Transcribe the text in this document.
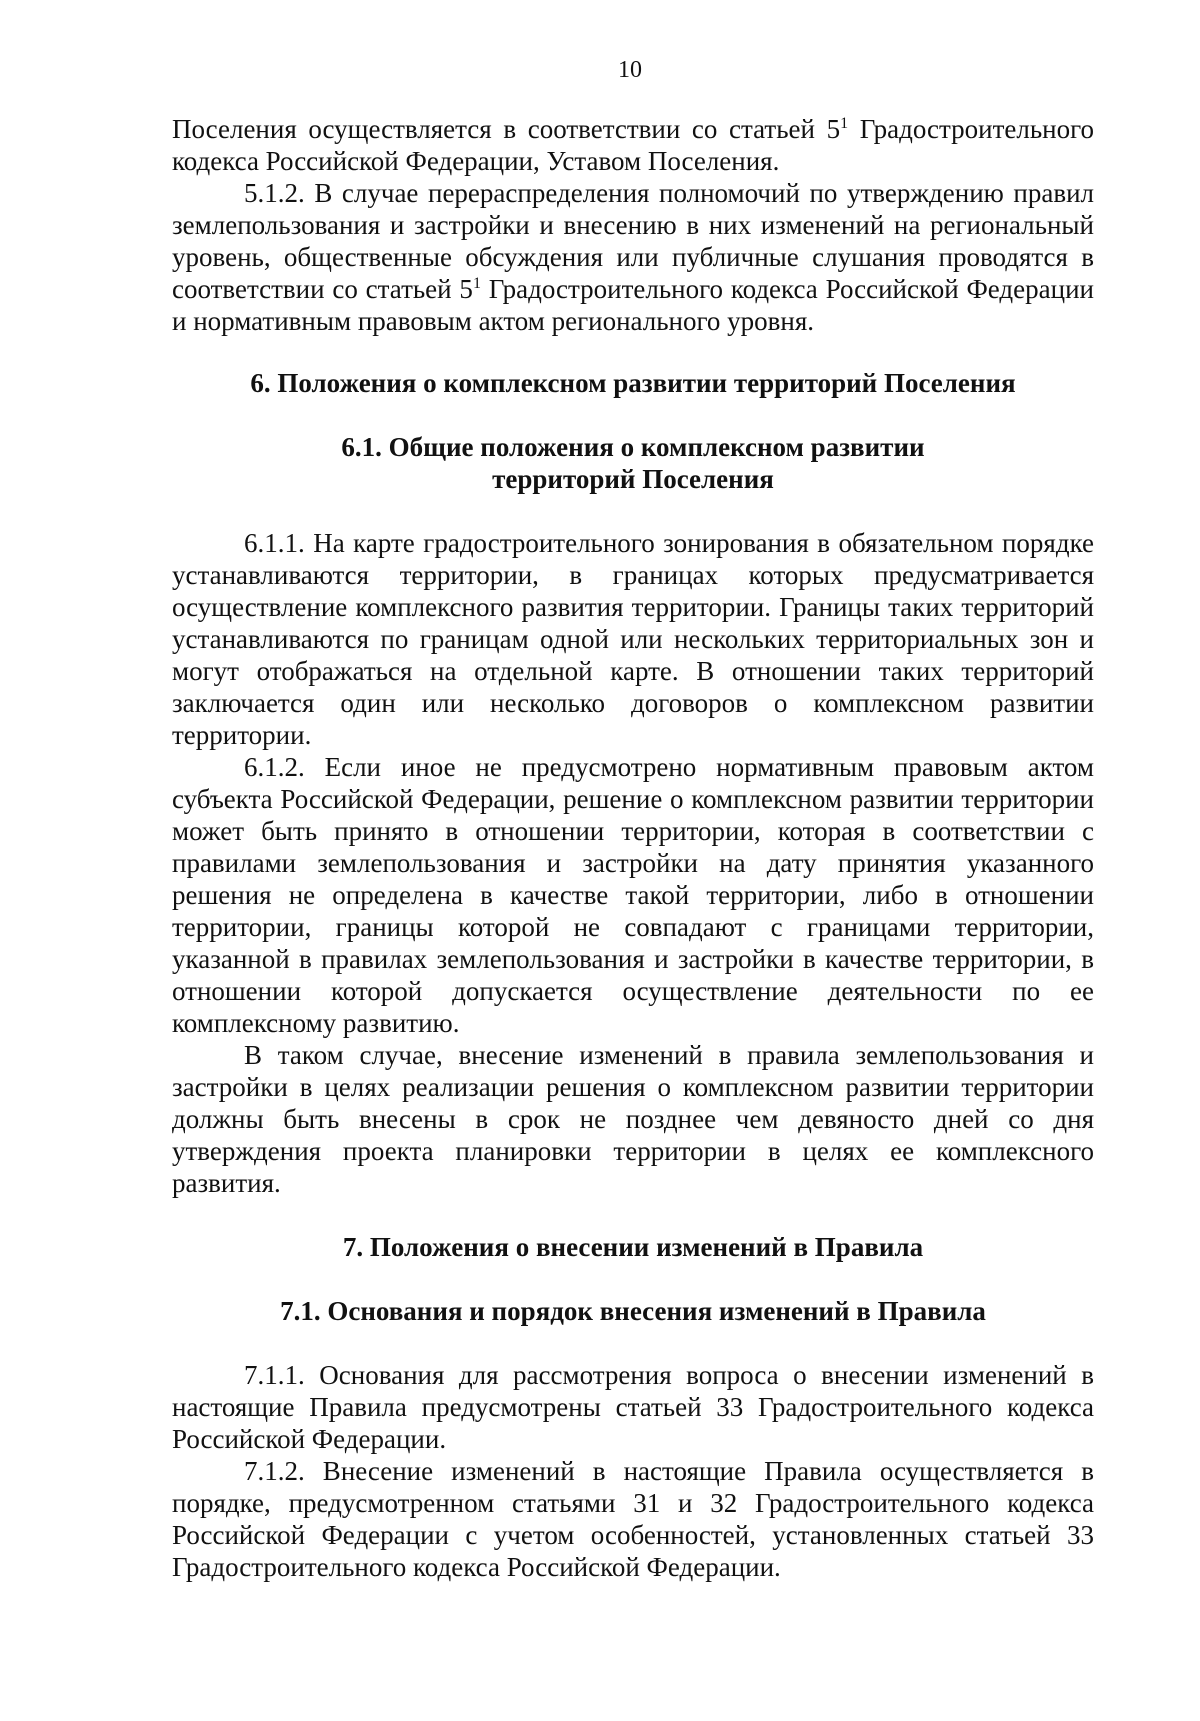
10

Поселения осуществляется в соответствии со статьей $5^1$ Градостроительного кодекса Российской Федерации, Уставом Поселения.

5.1.2. В случае перераспределения полномочий по утверждению правил землепользования и застройки и внесению в них изменений на региональный уровень, общественные обсуждения или публичные слушания проводятся в соответствии со статьей $5^1$ Градостроительного кодекса Российской Федерации и нормативным правовым актом регионального уровня.

6. Положения о комплексном развитии территорий Поселения
6.1. Общие положения о комплексном развитии
территорий Поселения

6.1.1. На карте градостроительного зонирования в обязательном порядке устанавливаются территории, в границах которых предусматривается осуществление комплексного развития территории. Границы таких территорий устанавливаются по границам одной или нескольких территориальных зон и могут отображаться на отдельной карте. В отношении таких территорий заключается один или несколько договоров о комплексном развитии территории.

6.1.2. Если иное не предусмотрено нормативным правовым актом субъекта Российской Федерации, решение о комплексном развитии территории может быть принято в отношении территории, которая в соответствии с правилами землепользования и застройки на дату принятия указанного решения не определена в качестве такой территории, либо в отношении территории, границы которой не совпадают с границами территории, указанной в правилах землепользования и застройки в качестве территории, в отношении которой допускается осуществление деятельности по ее комплексному развитию.

В таком случае, внесение изменений в правила землепользования и застройки в целях реализации решения о комплексном развитии территории должны быть внесены в срок не позднее чем девяносто дней со дня утверждения проекта планировки территории в целях ее комплексного развития.

7. Положения о внесении изменений в Правила
7.1. Основания и порядок внесения изменений в Правила

7.1.1. Основания для рассмотрения вопроса о внесении изменений в настоящие Правила предусмотрены статьей 33 Градостроительного кодекса Российской Федерации.

7.1.2. Внесение изменений в настоящие Правила осуществляется в порядке, предусмотренном статьями 31 и 32 Градостроительного кодекса Российской Федерации с учетом особенностей, установленных статьей 33 Градостроительного кодекса Российской Федерации.
